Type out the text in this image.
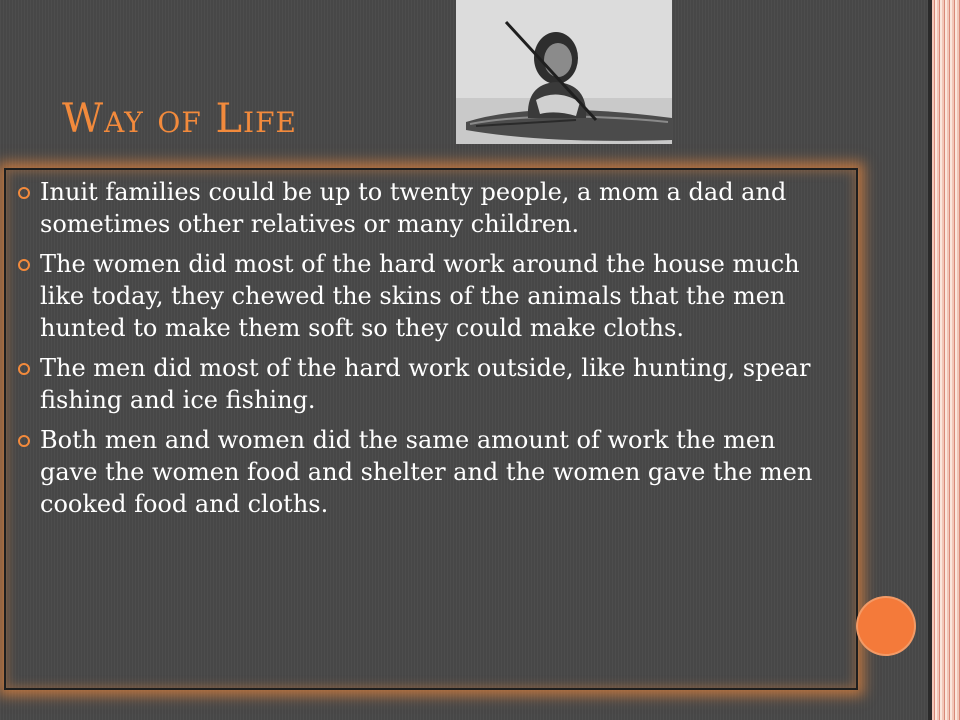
Way of Life
Inuit families could be up to twenty people, a mom a dad and sometimes other relatives or many children.
The women did most of the hard work around the house much like today, they chewed the skins of the animals that the men hunted to make them soft so they could make cloths.
The men did most of the hard work outside, like hunting, spear fishing and ice fishing.
Both men and women did the same amount of work the men gave the women food and shelter and the women gave the men cooked food and cloths.
